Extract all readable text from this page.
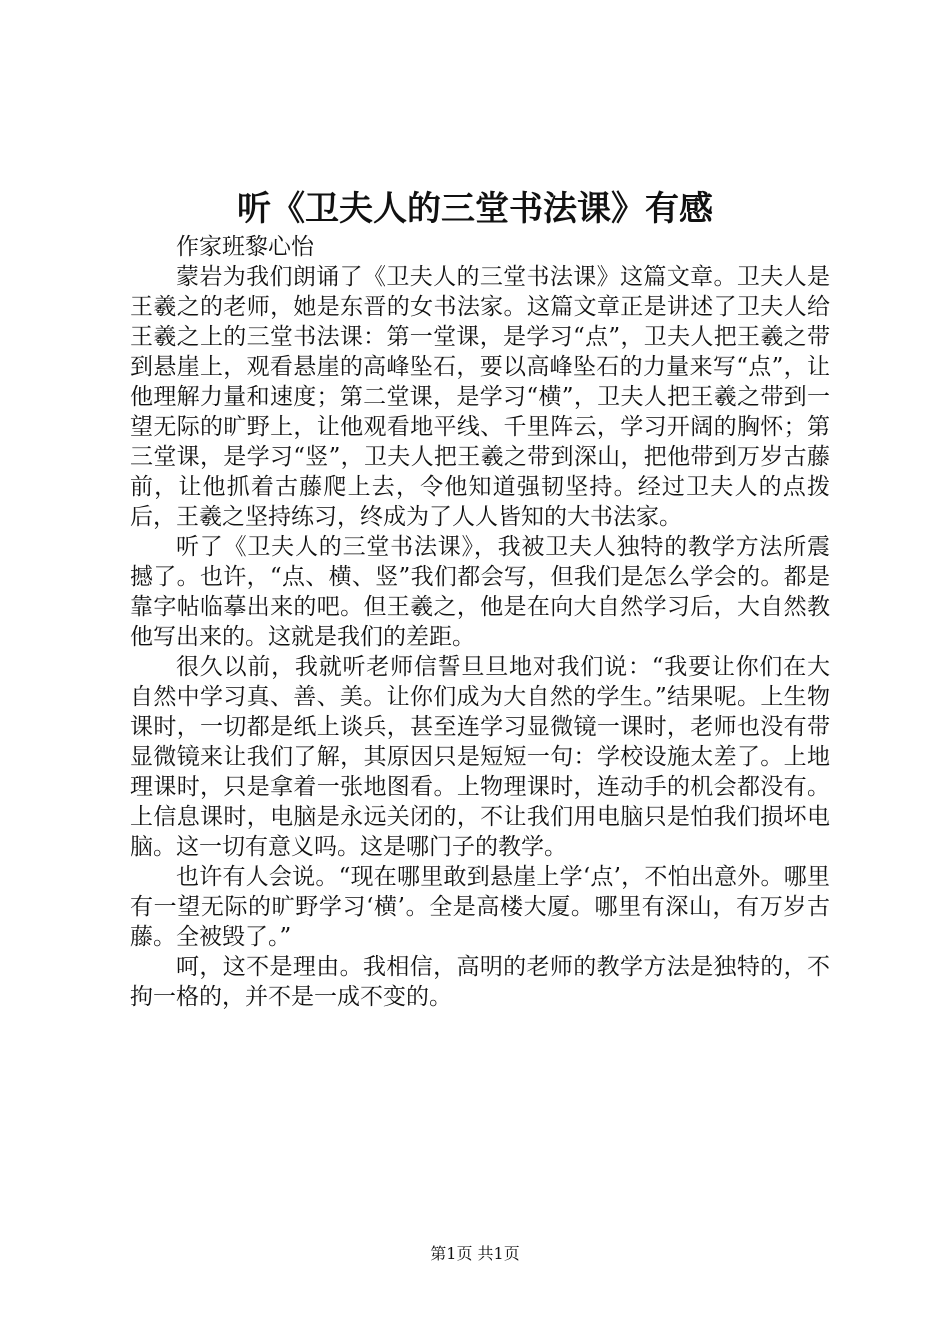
听《卫夫人的三堂书法课》有感

作家班黎心怡

蒙岩为我们朗诵了《卫夫人的三堂书法课》这篇文章。卫夫人是王羲之的老师，她是东晋的女书法家。这篇文章正是讲述了卫夫人给王羲之上的三堂书法课：第一堂课，是学习“点”，卫夫人把王羲之带到悬崖上，观看悬崖的高峰坠石，要以高峰坠石的力量来写“点”，让他理解力量和速度；第二堂课，是学习“横”，卫夫人把王羲之带到一望无际的旷野上，让他观看地平线、千里阵云，学习开阔的胸怀；第三堂课，是学习“竖”，卫夫人把王羲之带到深山，把他带到万岁古藤前，让他抓着古藤爬上去，令他知道强韧坚持。经过卫夫人的点拨后，王羲之坚持练习，终成为了人人皆知的大书法家。

听了《卫夫人的三堂书法课》，我被卫夫人独特的教学方法所震撼了。也许，“点、横、竖”我们都会写，但我们是怎么学会的。都是靠字帖临摹出来的吧。但王羲之，他是在向大自然学习后，大自然教他写出来的。这就是我们的差距。

很久以前，我就听老师信誓旦旦地对我们说：“我要让你们在大自然中学习真、善、美。让你们成为大自然的学生。”结果呢。上生物课时，一切都是纸上谈兵，甚至连学习显微镜一课时，老师也没有带显微镜来让我们了解，其原因只是短短一句：学校设施太差了。上地理课时，只是拿着一张地图看。上物理课时，连动手的机会都没有。上信息课时，电脑是永远关闭的，不让我们用电脑只是怕我们损坏电脑。这一切有意义吗。这是哪门子的教学。

也许有人会说。“现在哪里敢到悬崖上学‘点’，不怕出意外。哪里有一望无际的旷野学习‘横’。全是高楼大厦。哪里有深山，有万岁古藤。全被毁了。”

呵，这不是理由。我相信，高明的老师的教学方法是独特的，不拘一格的，并不是一成不变的。

第1页 共1页
